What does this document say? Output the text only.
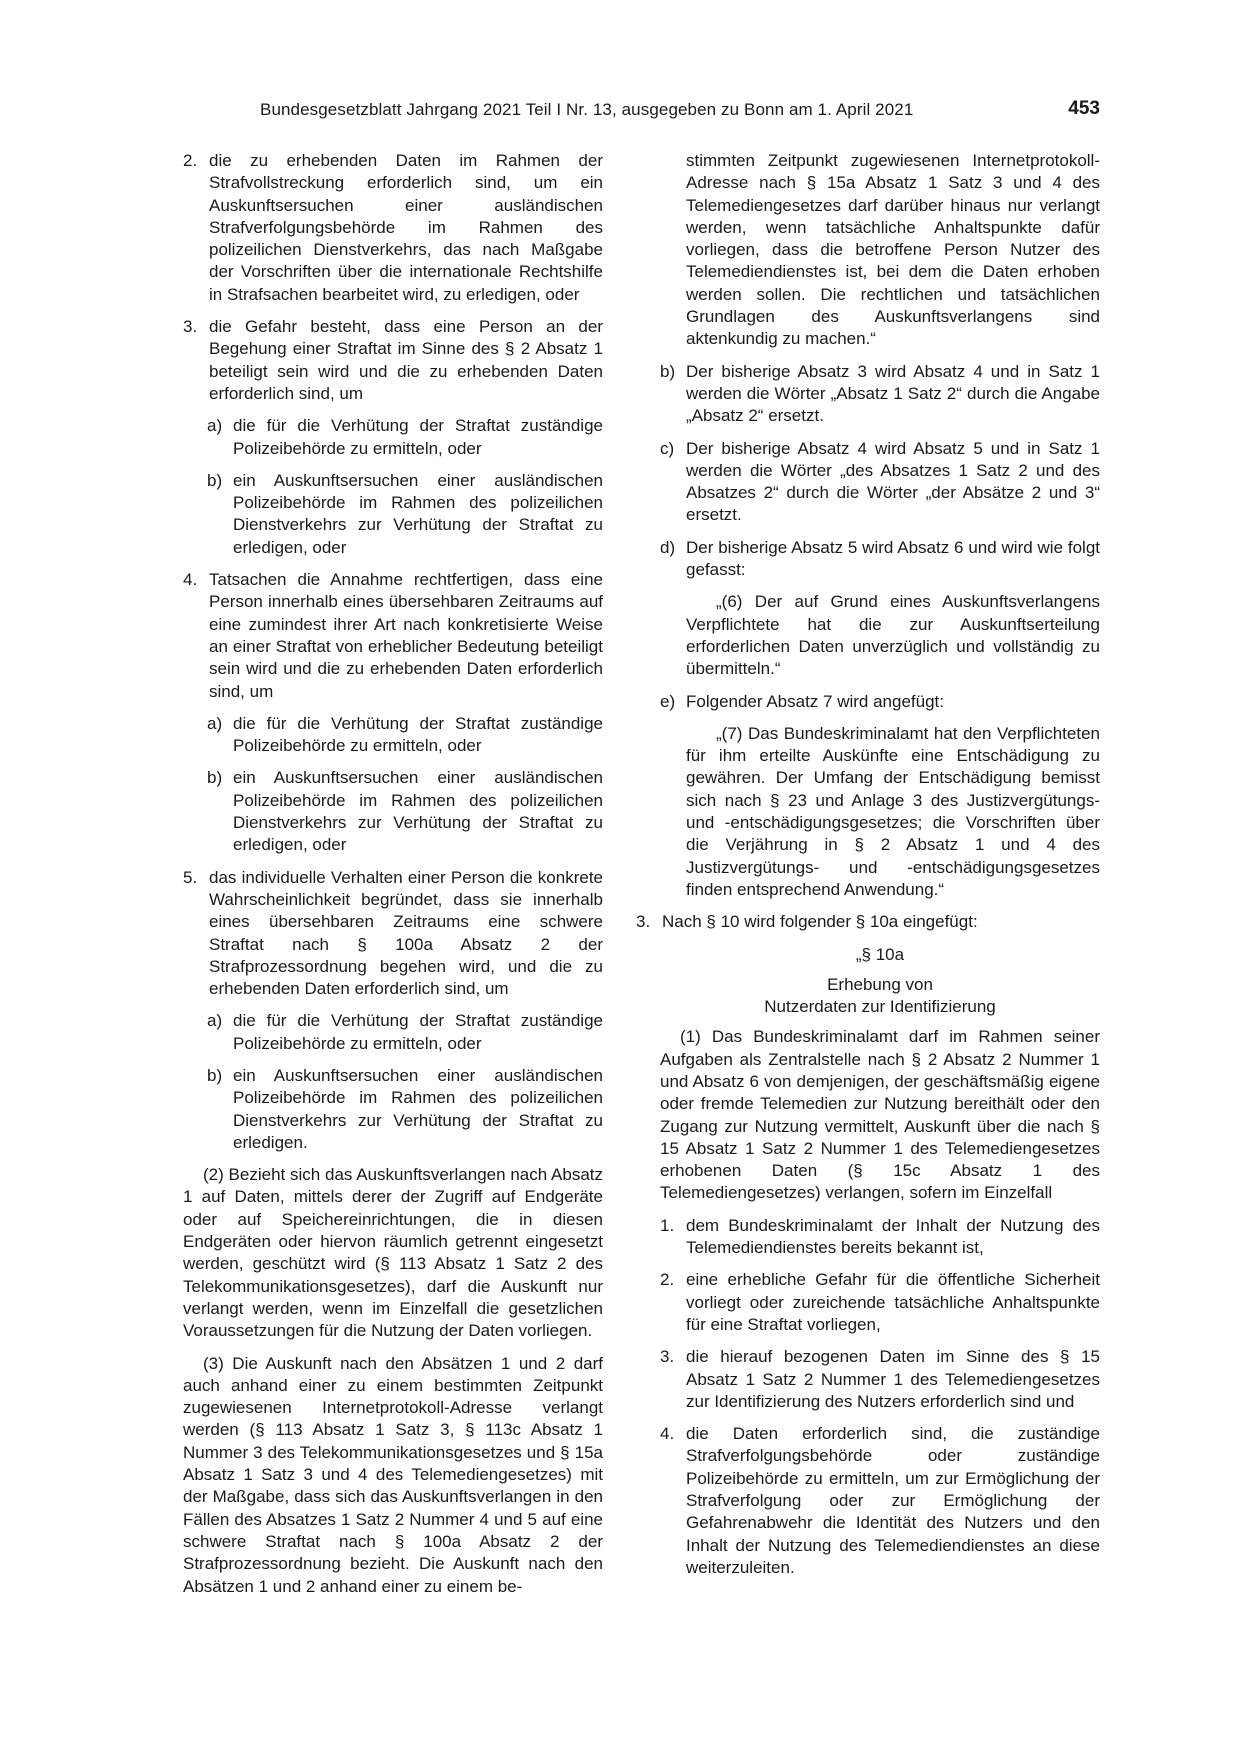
Bundesgesetzblatt Jahrgang 2021 Teil I Nr. 13, ausgegeben zu Bonn am 1. April 2021	453
2. die zu erhebenden Daten im Rahmen der Strafvollstreckung erforderlich sind, um ein Auskunftsersuchen einer ausländischen Strafverfolgungsbehörde im Rahmen des polizeilichen Dienstverkehrs, das nach Maßgabe der Vorschriften über die internationale Rechtshilfe in Strafsachen bearbeitet wird, zu erledigen, oder
3. die Gefahr besteht, dass eine Person an der Begehung einer Straftat im Sinne des § 2 Absatz 1 beteiligt sein wird und die zu erhebenden Daten erforderlich sind, um
a) die für die Verhütung der Straftat zuständige Polizeibehörde zu ermitteln, oder
b) ein Auskunftsersuchen einer ausländischen Polizeibehörde im Rahmen des polizeilichen Dienstverkehrs zur Verhütung der Straftat zu erledigen, oder
4. Tatsachen die Annahme rechtfertigen, dass eine Person innerhalb eines übersehbaren Zeitraums auf eine zumindest ihrer Art nach konkretisierte Weise an einer Straftat von erheblicher Bedeutung beteiligt sein wird und die zu erhebenden Daten erforderlich sind, um
a) die für die Verhütung der Straftat zuständige Polizeibehörde zu ermitteln, oder
b) ein Auskunftsersuchen einer ausländischen Polizeibehörde im Rahmen des polizeilichen Dienstverkehrs zur Verhütung der Straftat zu erledigen, oder
5. das individuelle Verhalten einer Person die konkrete Wahrscheinlichkeit begründet, dass sie innerhalb eines übersehbaren Zeitraums eine schwere Straftat nach § 100a Absatz 2 der Strafprozessordnung begehen wird, und die zu erhebenden Daten erforderlich sind, um
a) die für die Verhütung der Straftat zuständige Polizeibehörde zu ermitteln, oder
b) ein Auskunftsersuchen einer ausländischen Polizeibehörde im Rahmen des polizeilichen Dienstverkehrs zur Verhütung der Straftat zu erledigen.

(2) Bezieht sich das Auskunftsverlangen nach Absatz 1 auf Daten, mittels derer der Zugriff auf Endgeräte oder auf Speichereinrichtungen, die in diesen Endgeräten oder hiervon räumlich getrennt eingesetzt werden, geschützt wird (§ 113 Absatz 1 Satz 2 des Telekommunikationsgesetzes), darf die Auskunft nur verlangt werden, wenn im Einzelfall die gesetzlichen Voraussetzungen für die Nutzung der Daten vorliegen.

(3) Die Auskunft nach den Absätzen 1 und 2 darf auch anhand einer zu einem bestimmten Zeitpunkt zugewiesenen Internetprotokoll-Adresse verlangt werden (§ 113 Absatz 1 Satz 3, § 113c Absatz 1 Nummer 3 des Telekommunikationsgesetzes und § 15a Absatz 1 Satz 3 und 4 des Telemediengesetzes) mit der Maßgabe, dass sich das Auskunftsverlangen in den Fällen des Absatzes 1 Satz 2 Nummer 4 und 5 auf eine schwere Straftat nach § 100a Absatz 2 der Strafprozessordnung bezieht. Die Auskunft nach den Absätzen 1 und 2 anhand einer zu einem be-

stimmten Zeitpunkt zugewiesenen Internetprotokoll-Adresse nach § 15a Absatz 1 Satz 3 und 4 des Telemediengesetzes darf darüber hinaus nur verlangt werden, wenn tatsächliche Anhaltspunkte dafür vorliegen, dass die betroffene Person Nutzer des Telemediendienstes ist, bei dem die Daten erhoben werden sollen. Die rechtlichen und tatsächlichen Grundlagen des Auskunftsverlangens sind aktenkundig zu machen.“

b) Der bisherige Absatz 3 wird Absatz 4 und in Satz 1 werden die Wörter „Absatz 1 Satz 2“ durch die Angabe „Absatz 2“ ersetzt.
c) Der bisherige Absatz 4 wird Absatz 5 und in Satz 1 werden die Wörter „des Absatzes 1 Satz 2 und des Absatzes 2“ durch die Wörter „der Absätze 2 und 3“ ersetzt.
d) Der bisherige Absatz 5 wird Absatz 6 und wird wie folgt gefasst:

„(6) Der auf Grund eines Auskunftsverlangens Verpflichtete hat die zur Auskunftserteilung erforderlichen Daten unverzüglich und vollständig zu übermitteln.“

e) Folgender Absatz 7 wird angefügt:

„(7) Das Bundeskriminalamt hat den Verpflichteten für ihm erteilte Auskünfte eine Entschädigung zu gewähren. Der Umfang der Entschädigung bemisst sich nach § 23 und Anlage 3 des Justizvergütungs- und -entschädigungsgesetzes; die Vorschriften über die Verjährung in § 2 Absatz 1 und 4 des Justizvergütungs- und -entschädigungsgesetzes finden entsprechend Anwendung.“

3. Nach § 10 wird folgender § 10a eingefügt:

„§ 10a

Erhebung von

Nutzerdaten zur Identifizierung

(1) Das Bundeskriminalamt darf im Rahmen seiner Aufgaben als Zentralstelle nach § 2 Absatz 2 Nummer 1 und Absatz 6 von demjenigen, der geschäftsmäßig eigene oder fremde Telemedien zur Nutzung bereithält oder den Zugang zur Nutzung vermittelt, Auskunft über die nach § 15 Absatz 1 Satz 2 Nummer 1 des Telemediengesetzes erhobenen Daten (§ 15c Absatz 1 des Telemediengesetzes) verlangen, sofern im Einzelfall

1. dem Bundeskriminalamt der Inhalt der Nutzung des Telemediendienstes bereits bekannt ist,
2. eine erhebliche Gefahr für die öffentliche Sicherheit vorliegt oder zureichende tatsächliche Anhaltspunkte für eine Straftat vorliegen,
3. die hierauf bezogenen Daten im Sinne des § 15 Absatz 1 Satz 2 Nummer 1 des Telemediengesetzes zur Identifizierung des Nutzers erforderlich sind und
4. die Daten erforderlich sind, die zuständige Strafverfolgungsbehörde oder zuständige Polizeibehörde zu ermitteln, um zur Ermöglichung der Strafverfolgung oder zur Ermöglichung der Gefahrenabwehr die Identität des Nutzers und den Inhalt der Nutzung des Telemediendienstes an diese weiterzuleiten.
